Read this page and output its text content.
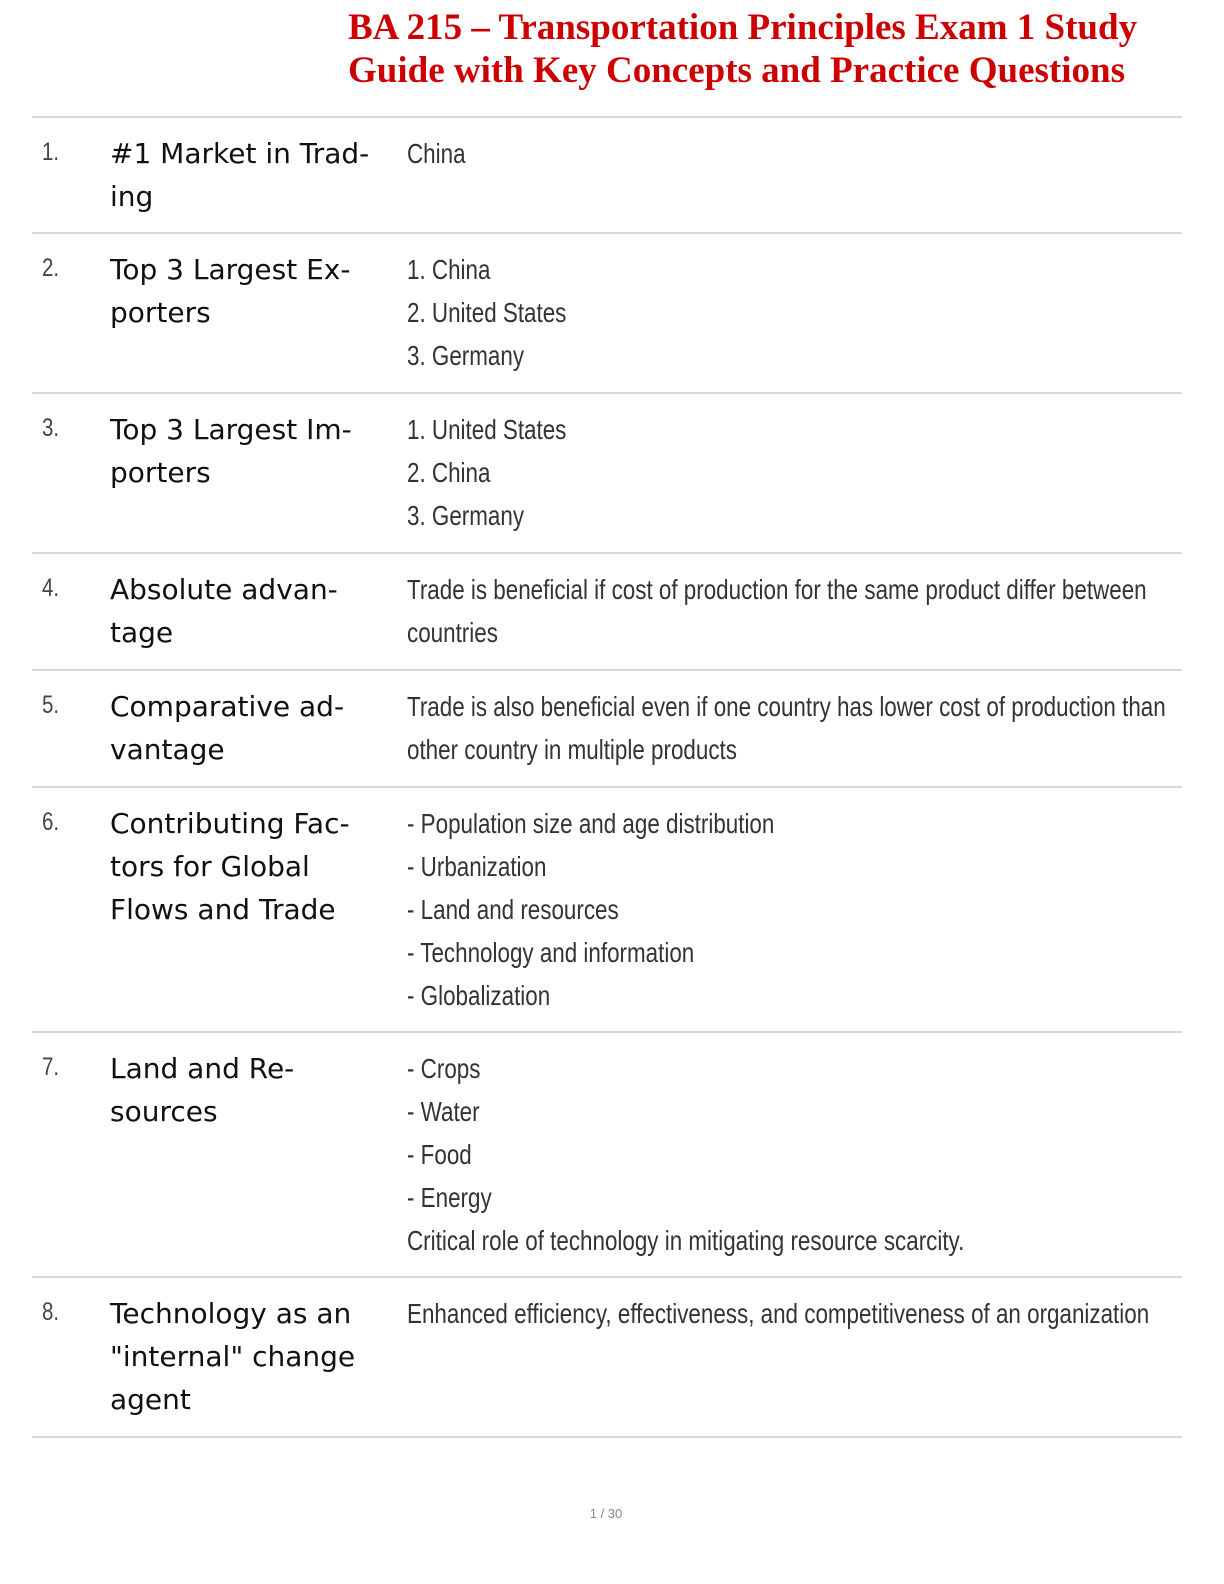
BA 215 – Transportation Principles Exam 1 Study Guide with Key Concepts and Practice Questions
1. #1 Market in Trad-ing
China
2. Top 3 Largest Ex-porters
1. China
2. United States
3. Germany
3. Top 3 Largest Im-porters
1. United States
2. China
3. Germany
4. Absolute advan-tage
Trade is beneficial if cost of production for the same product differ between
countries
5. Comparative ad-vantage
Trade is also beneficial even if one country has lower cost of production than
other country in multiple products
6. Contributing Fac-tors for Global Flows and Trade
- Population size and age distribution
- Urbanization
- Land and resources
- Technology and information
- Globalization
7. Land and Re-sources
- Crops
- Water
- Food
- Energy
Critical role of technology in mitigating resource scarcity.
8. Technology as an "internal" change agent
Enhanced efficiency, effectiveness, and competitiveness of an organization
1 / 30
